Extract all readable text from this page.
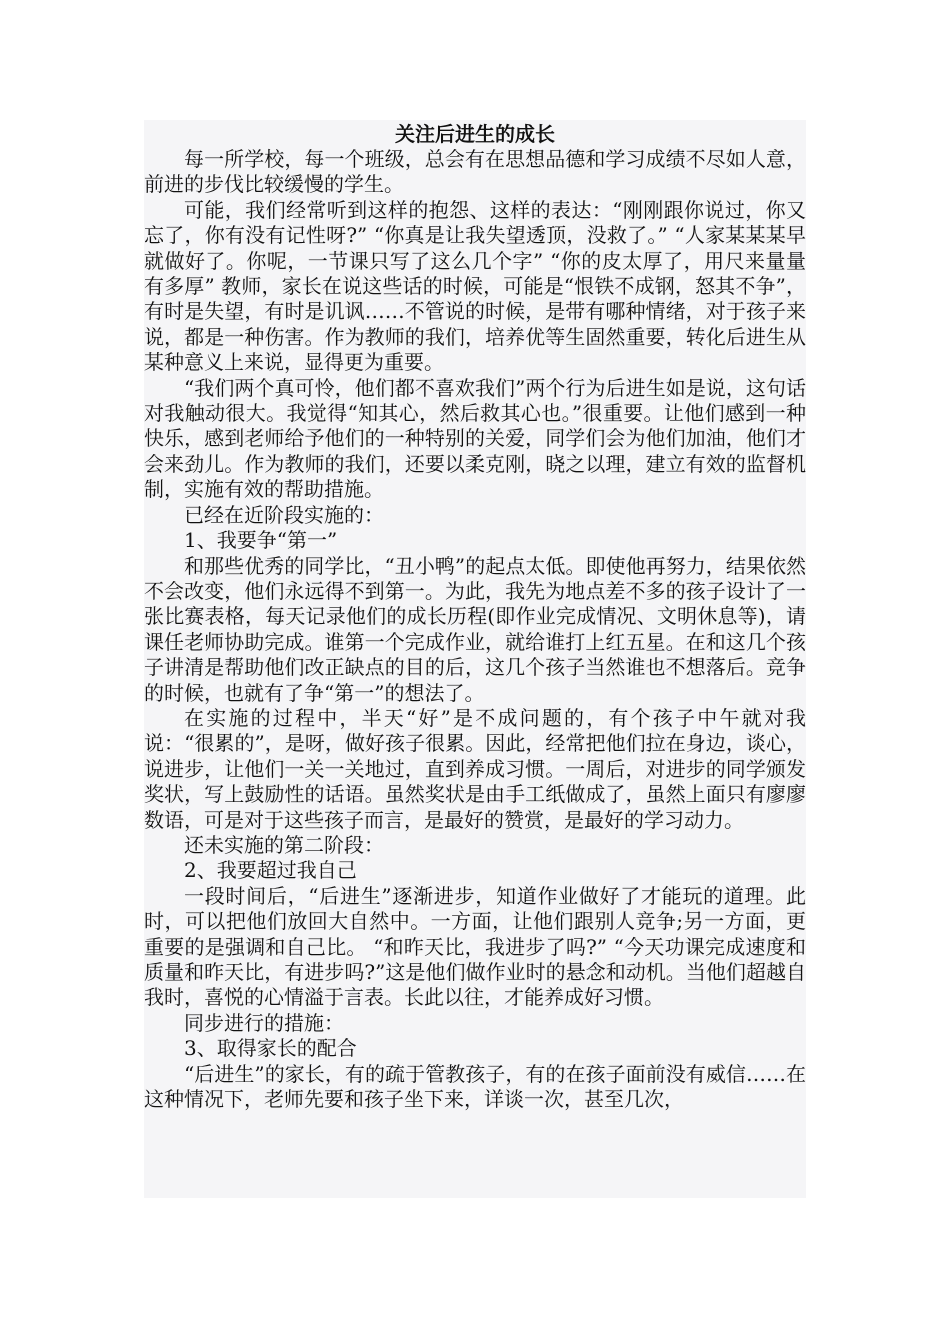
关注后进生的成长

每一所学校，每一个班级，总会有在思想品德和学习成绩不尽如人意，前进的步伐比较缓慢的学生。

可能，我们经常听到这样的抱怨、这样的表达：“刚刚跟你说过，你又忘了，你有没有记性呀?” “你真是让我失望透顶，没救了。” “人家某某某早就做好了。你呢，一节课只写了这么几个字” “你的皮太厚了，用尺来量量有多厚” 教师，家长在说这些话的时候，可能是“恨铁不成钢，怒其不争”，有时是失望，有时是讥讽……不管说的时候，是带有哪种情绪，对于孩子来说，都是一种伤害。作为教师的我们，培养优等生固然重要，转化后进生从某种意义上来说，显得更为重要。

“我们两个真可怜，他们都不喜欢我们”两个行为后进生如是说，这句话对我触动很大。我觉得“知其心，然后救其心也。”很重要。让他们感到一种快乐，感到老师给予他们的一种特别的关爱，同学们会为他们加油，他们才会来劲儿。作为教师的我们，还要以柔克刚，晓之以理，建立有效的监督机制，实施有效的帮助措施。

已经在近阶段实施的：

1、我要争“第一”

和那些优秀的同学比，“丑小鸭”的起点太低。即使他再努力，结果依然不会改变，他们永远得不到第一。为此，我先为地点差不多的孩子设计了一张比赛表格，每天记录他们的成长历程(即作业完成情况、文明休息等)，请课任老师协助完成。谁第一个完成作业，就给谁打上红五星。在和这几个孩子讲清是帮助他们改正缺点的目的后，这几个孩子当然谁也不想落后。竞争的时候，也就有了争“第一”的想法了。

在实施的过程中，半天“好”是不成问题的，有个孩子中午就对我说：“很累的”，是呀，做好孩子很累。因此，经常把他们拉在身边，谈心，说进步，让他们一关一关地过，直到养成习惯。一周后，对进步的同学颁发奖状，写上鼓励性的话语。虽然奖状是由手工纸做成了，虽然上面只有廖廖数语，可是对于这些孩子而言，是最好的赞赏，是最好的学习动力。

还未实施的第二阶段：

2、我要超过我自己

一段时间后，“后进生”逐渐进步，知道作业做好了才能玩的道理。此时，可以把他们放回大自然中。一方面，让他们跟别人竞争;另一方面，更重要的是强调和自己比。 “和昨天比，我进步了吗?” “今天功课完成速度和质量和昨天比，有进步吗?”这是他们做作业时的悬念和动机。当他们超越自我时，喜悦的心情溢于言表。长此以往，才能养成好习惯。

同步进行的措施：

3、取得家长的配合

“后进生”的家长，有的疏于管教孩子，有的在孩子面前没有威信……在这种情况下，老师先要和孩子坐下来，详谈一次，甚至几次，
